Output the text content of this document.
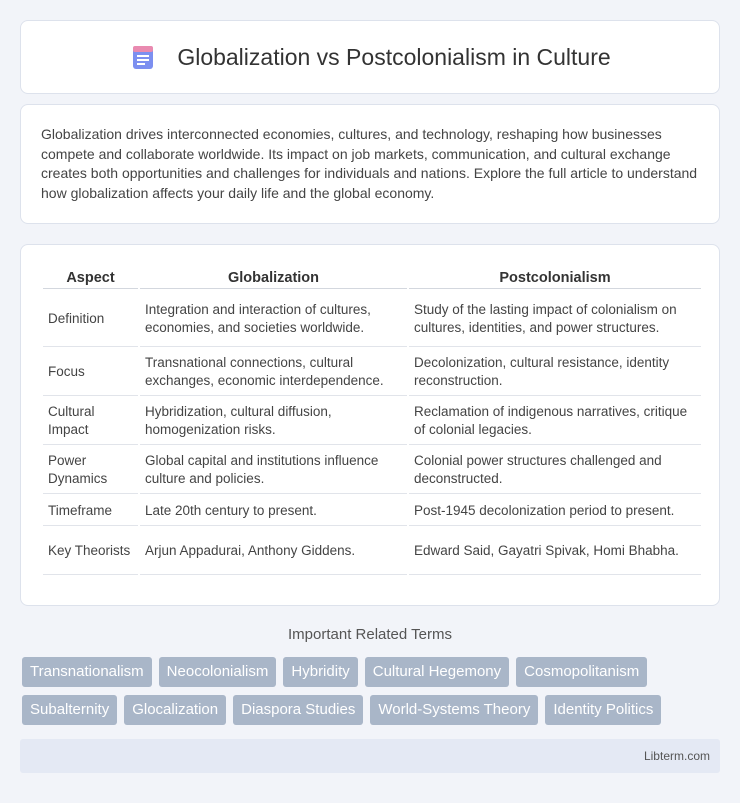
Globalization vs Postcolonialism in Culture

Globalization drives interconnected economies, cultures, and technology, reshaping how businesses compete and collaborate worldwide. Its impact on job markets, communication, and cultural exchange creates both opportunities and challenges for individuals and nations. Explore the full article to understand how globalization affects your daily life and the global economy.

Aspect	Globalization	Postcolonialism
Definition	Integration and interaction of cultures, economies, and societies worldwide.	Study of the lasting impact of colonialism on cultures, identities, and power structures.
Focus	Transnational connections, cultural exchanges, economic interdependence.	Decolonization, cultural resistance, identity reconstruction.
Cultural Impact	Hybridization, cultural diffusion, homogenization risks.	Reclamation of indigenous narratives, critique of colonial legacies.
Power Dynamics	Global capital and institutions influence culture and policies.	Colonial power structures challenged and deconstructed.
Timeframe	Late 20th century to present.	Post-1945 decolonization period to present.
Key Theorists	Arjun Appadurai, Anthony Giddens.	Edward Said, Gayatri Spivak, Homi Bhabha.
Important Related Terms
Transnationalism	Neocolonialism	Hybridity	Cultural Hegemony	Cosmopolitanism
Subalternity	Glocalization	Diaspora Studies	World-Systems Theory	Identity Politics
Libterm.com
